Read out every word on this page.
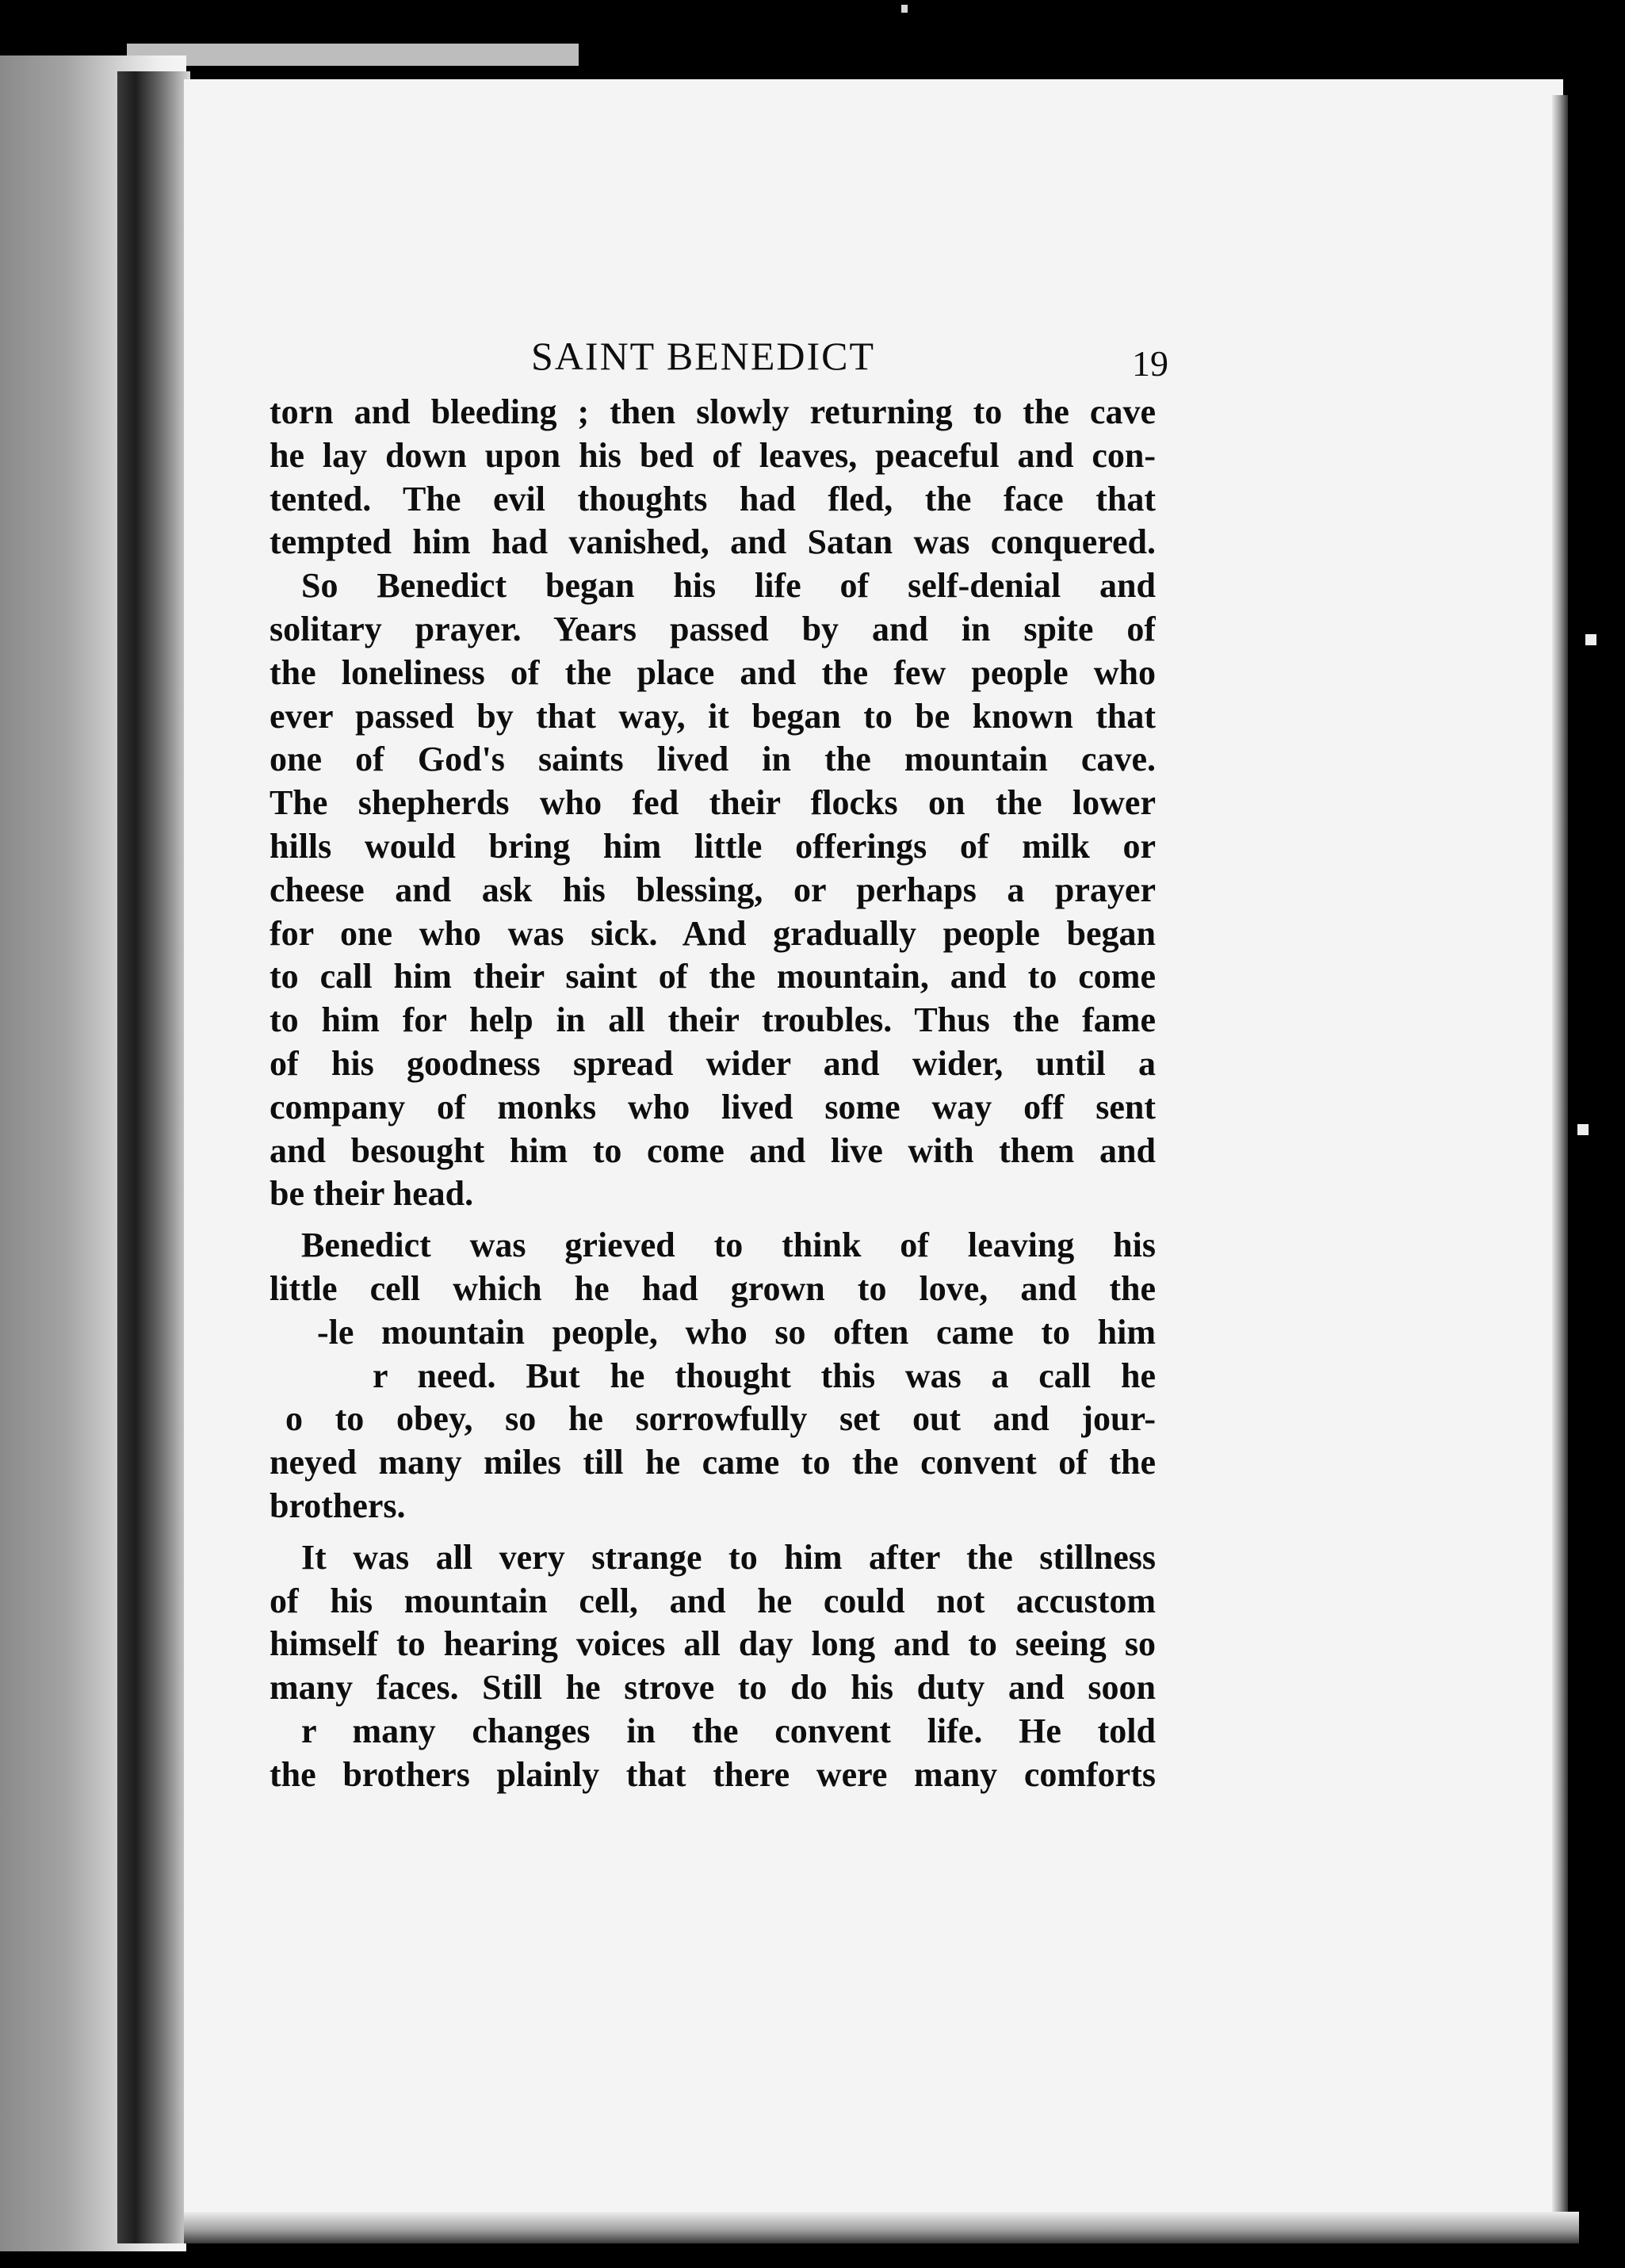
SAINT BENEDICT	19
torn and bleeding ; then slowly returning to the cave
he lay down upon his bed of leaves, peaceful and con-
tented. The evil thoughts had fled, the face that
tempted him had vanished, and Satan was conquered.
So Benedict began his life of self-denial and
solitary prayer. Years passed by and in spite of
the loneliness of the place and the few people who
ever passed by that way, it began to be known that
one of God's saints lived in the mountain cave.
The shepherds who fed their flocks on the lower
hills would bring him little offerings of milk or
cheese and ask his blessing, or perhaps a prayer
for one who was sick. And gradually people began
to call him their saint of the mountain, and to come
to him for help in all their troubles. Thus the fame
of his goodness spread wider and wider, until a
company of monks who lived some way off sent
and besought him to come and live with them and
be their head.
Benedict was grieved to think of leaving his
little cell which he had grown to love, and the
-le mountain people, who so often came to him
r need. But he thought this was a call he
o to obey, so he sorrowfully set out and jour-
neyed many miles till he came to the convent of the
brothers.
It was all very strange to him after the stillness
of his mountain cell, and he could not accustom
himself to hearing voices all day long and to seeing so
many faces. Still he strove to do his duty and soon
r many changes in the convent life. He told
the brothers plainly that there were many comforts
